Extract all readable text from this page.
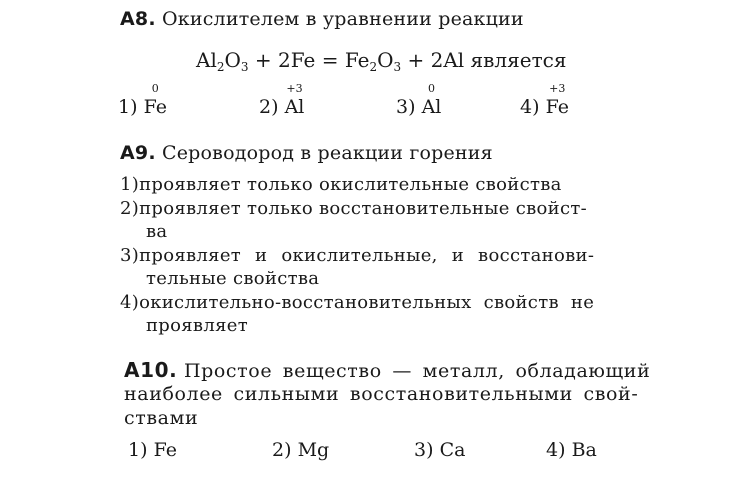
А8. Окислителем в уравнении реакции
$Al_2O_3 + 2Fe = Fe_2O_3 + 2Al$ является
1)
0
Fe	2)
+3
Al	3)
0
Al	4)
+3
Fe
А9. Сероводород в реакции горения
1)проявляет только окислительные свойства
2)проявляет только восстановительные свойст-
ва
3)проявляет и окислительные, и восстанови-
тельные свойства
4)окислительно-восстановительных свойств не
проявляет
А10. Простое вещество — металл, обладающий
наиболее сильными восстановительными свой-
ствами
1) Fe	2) Mg	3) Ca	4) Ba
